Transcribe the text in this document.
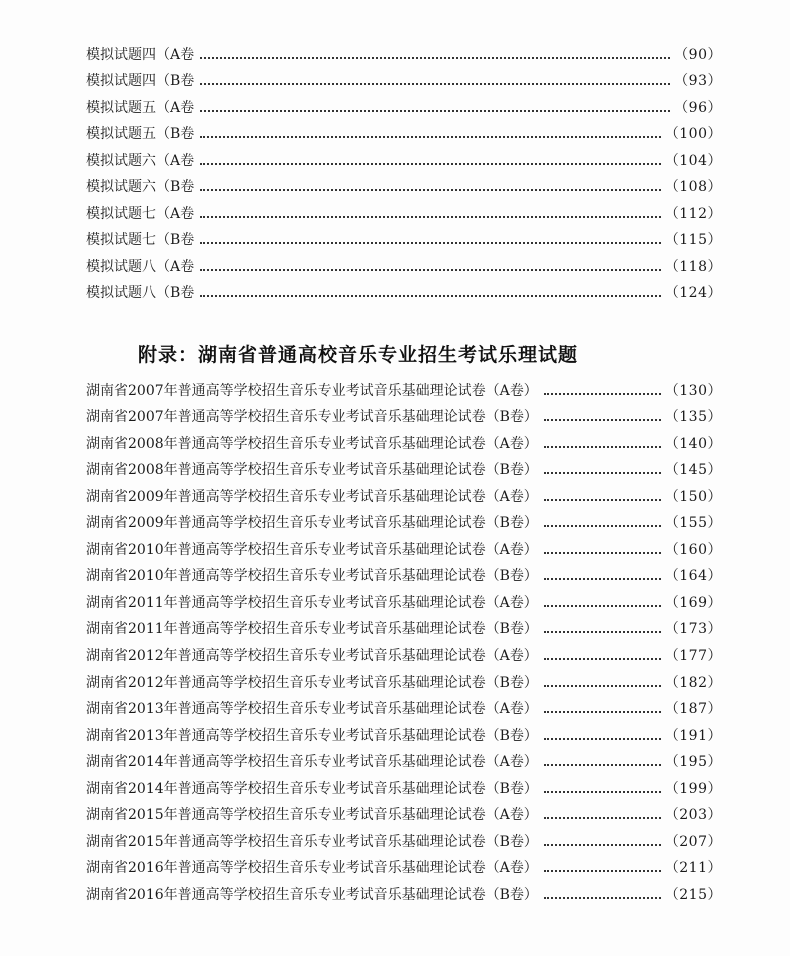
模拟试题四（A卷	（90）
模拟试题四（B卷	（93）
模拟试题五（A卷	（96）
模拟试题五（B卷	（100）
模拟试题六（A卷	（104）
模拟试题六（B卷	（108）
模拟试题七（A卷	（112）
模拟试题七（B卷	（115）
模拟试题八（A卷	（118）
模拟试题八（B卷	（124）
附录：湖南省普通高校音乐专业招生考试乐理试题
湖南省2007年普通高等学校招生音乐专业考试音乐基础理论试卷（A卷）	（130）
湖南省2007年普通高等学校招生音乐专业考试音乐基础理论试卷（B卷）	（135）
湖南省2008年普通高等学校招生音乐专业考试音乐基础理论试卷（A卷）	（140）
湖南省2008年普通高等学校招生音乐专业考试音乐基础理论试卷（B卷）	（145）
湖南省2009年普通高等学校招生音乐专业考试音乐基础理论试卷（A卷）	（150）
湖南省2009年普通高等学校招生音乐专业考试音乐基础理论试卷（B卷）	（155）
湖南省2010年普通高等学校招生音乐专业考试音乐基础理论试卷（A卷）	（160）
湖南省2010年普通高等学校招生音乐专业考试音乐基础理论试卷（B卷）	（164）
湖南省2011年普通高等学校招生音乐专业考试音乐基础理论试卷（A卷）	（169）
湖南省2011年普通高等学校招生音乐专业考试音乐基础理论试卷（B卷）	（173）
湖南省2012年普通高等学校招生音乐专业考试音乐基础理论试卷（A卷）	（177）
湖南省2012年普通高等学校招生音乐专业考试音乐基础理论试卷（B卷）	（182）
湖南省2013年普通高等学校招生音乐专业考试音乐基础理论试卷（A卷）	（187）
湖南省2013年普通高等学校招生音乐专业考试音乐基础理论试卷（B卷）	（191）
湖南省2014年普通高等学校招生音乐专业考试音乐基础理论试卷（A卷）	（195）
湖南省2014年普通高等学校招生音乐专业考试音乐基础理论试卷（B卷）	（199）
湖南省2015年普通高等学校招生音乐专业考试音乐基础理论试卷（A卷）	（203）
湖南省2015年普通高等学校招生音乐专业考试音乐基础理论试卷（B卷）	（207）
湖南省2016年普通高等学校招生音乐专业考试音乐基础理论试卷（A卷）	（211）
湖南省2016年普通高等学校招生音乐专业考试音乐基础理论试卷（B卷）	（215）
